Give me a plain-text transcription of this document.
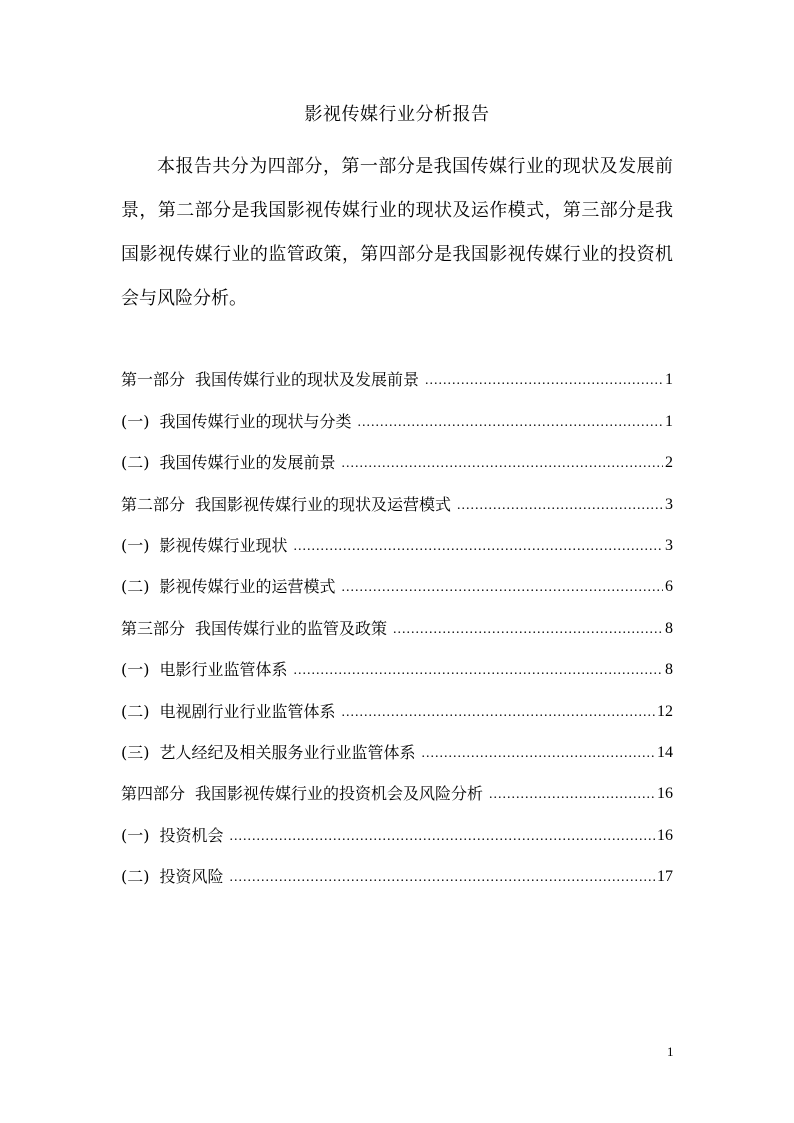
影视传媒行业分析报告

本报告共分为四部分，第一部分是我国传媒行业的现状及发展前景，第二部分是我国影视传媒行业的现状及运作模式，第三部分是我国影视传媒行业的监管政策，第四部分是我国影视传媒行业的投资机会与风险分析。

第一部分 我国传媒行业的现状及发展前景 .....	1
(一) 我国传媒行业的现状与分类 .....	1
(二) 我国传媒行业的发展前景 .....	2
第二部分 我国影视传媒行业的现状及运营模式 .....	3
(一) 影视传媒行业现状 .....	3
(二) 影视传媒行业的运营模式 .....	6
第三部分 我国传媒行业的监管及政策 .....	8
(一) 电影行业监管体系 .....	8
(二) 电视剧行业行业监管体系 .....	12
(三) 艺人经纪及相关服务业行业监管体系 .....	14
第四部分 我国影视传媒行业的投资机会及风险分析 .....	16
(一) 投资机会 .....	16
(二) 投资风险 .....	17
1
